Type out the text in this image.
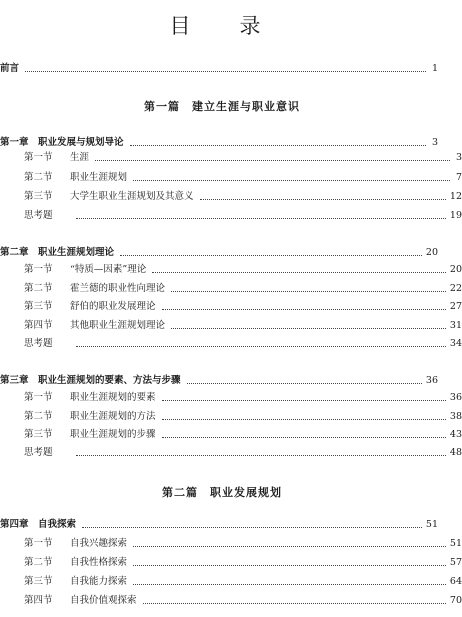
目　录
前言	1
第一篇　建立生涯与职业意识
第一章　职业发展与规划导论	3
第一节 生涯	3
第二节 职业生涯规划	7
第三节 大学生职业生涯规划及其意义	12
思考题	19
第二章　职业生涯规划理论	20
第一节 “特质—因素”理论	20
第二节 霍兰德的职业性向理论	22
第三节 舒伯的职业发展理论	27
第四节 其他职业生涯规划理论	31
思考题	34
第三章　职业生涯规划的要素、方法与步骤	36
第一节 职业生涯规划的要素	36
第二节 职业生涯规划的方法	38
第三节 职业生涯规划的步骤	43
思考题	48
第二篇　职业发展规划
第四章　自我探索	51
第一节 自我兴趣探索	51
第二节 自我性格探索	57
第三节 自我能力探索	64
第四节 自我价值观探索	70
